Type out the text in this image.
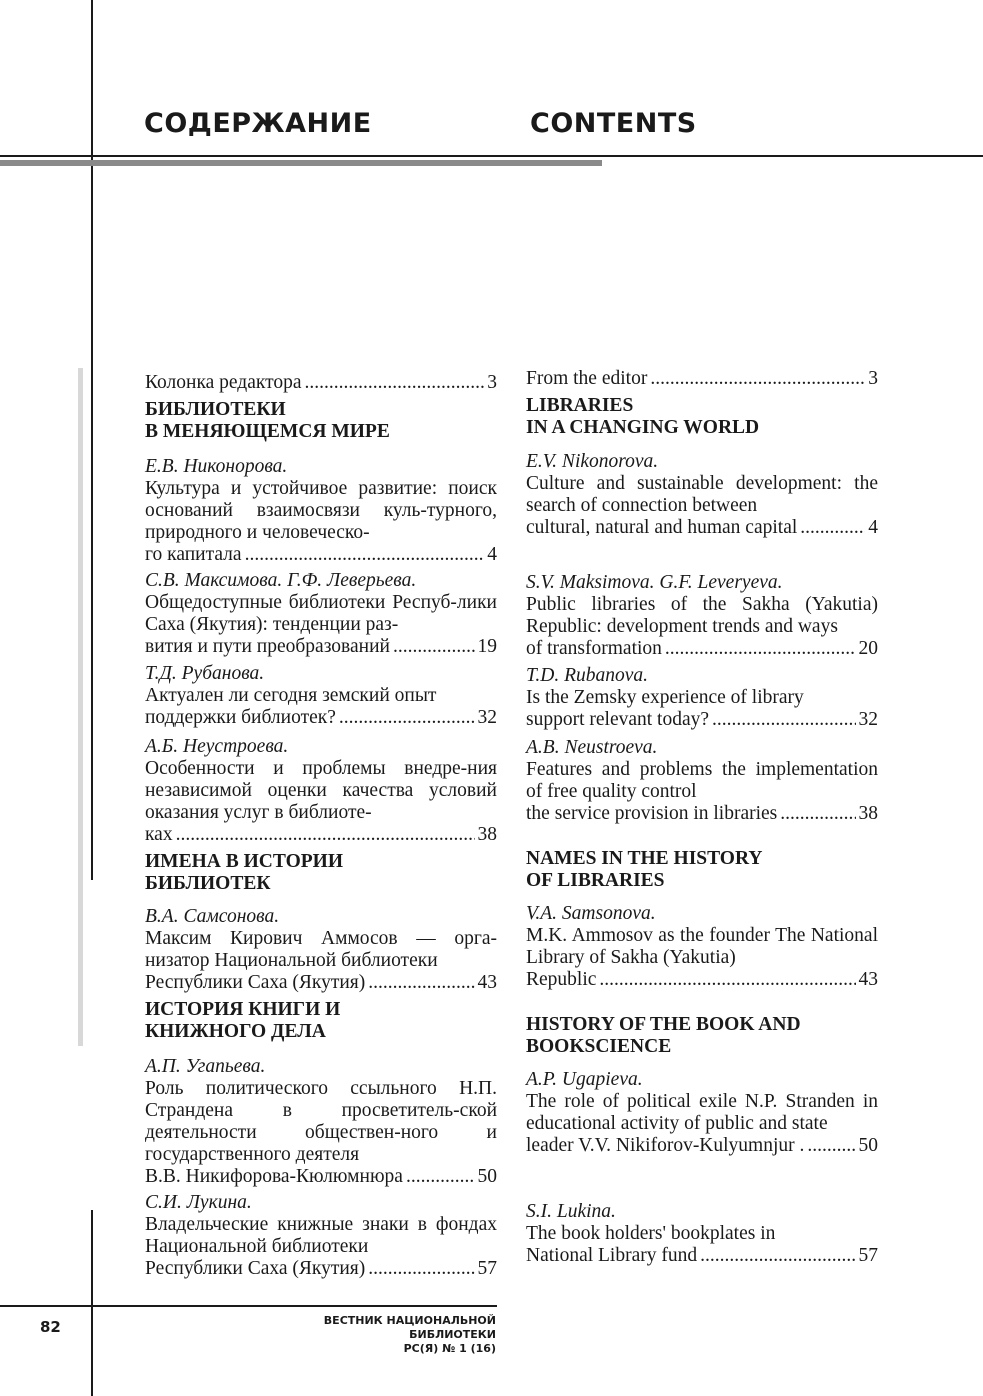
СОДЕРЖАНИЕ	CONTENTS
Колонка редактора .....	3
БИБЛИОТЕКИ
В МЕНЯЮЩЕМСЯ МИРЕ
Е.В. Никонорова.
Культура и устойчивое развитие: поиск оснований взаимосвязи куль-турного, природного и человеческо-
го капитала .....	4
С.В. Максимова. Г.Ф. Леверьева.
Общедоступные библиотеки Респуб-лики Саха (Якутия): тенденции раз-
вития и пути преобразований .....	19
Т.Д. Рубанова.
Актуален ли сегодня земский опыт
поддержки библиотек? .....	32
А.Б. Неустроева.
Особенности и проблемы внедре-ния независимой оценки качества условий оказания услуг в библиоте-
ках .....	38
ИМЕНА В ИСТОРИИ
БИБЛИОТЕК
В.А. Самсонова.
Максим Кирович Аммосов — орга-низатор Национальной библиотеки
Республики Саха (Якутия) .....	43
ИСТОРИЯ КНИГИ И
КНИЖНОГО ДЕЛА
А.П. Угапьева.
Роль политического ссыльного Н.П. Страндена в просветитель-ской деятельности обществен-ного и государственного деятеля
В.В. Никифорова-Кюлюмнюра .....	50
С.И. Лукина.
Владельческие книжные знаки в фондах Национальной библиотеки
Республики Саха (Якутия) .....	57
From the editor .....	3
LIBRARIES
IN A CHANGING WORLD
E.V. Nikonorova.
Culture and sustainable development: the search of connection between
cultural, natural and human capital .....	4
S.V. Maksimova. G.F. Leveryeva.
Public libraries of the Sakha (Yakutia) Republic: development trends and ways
of transformation .....	20
T.D. Rubanova.
Is the Zemsky experience of library
support relevant today? .....	32
A.B. Neustroeva.
Features and problems the implementation of free quality control
the service provision in libraries .....	38
NAMES IN THE HISTORY
OF LIBRARIES
V.A. Samsonova.
M.K. Ammosov as the founder The National Library of Sakha (Yakutia)
Republic .....	43
HISTORY OF THE BOOK AND
BOOKSCIENCE
A.P. Ugapieva.
The role of political exile N.P. Stranden in educational activity of public and state
leader V.V. Nikiforov-Kulyumnjur . .....	50
S.I. Lukina.
The book holders' bookplates in
National Library fund .....	57
82	ВЕСТНИК НАЦИОНАЛЬНОЙ
БИБЛИОТЕКИ
РС(Я) № 1 (16)
